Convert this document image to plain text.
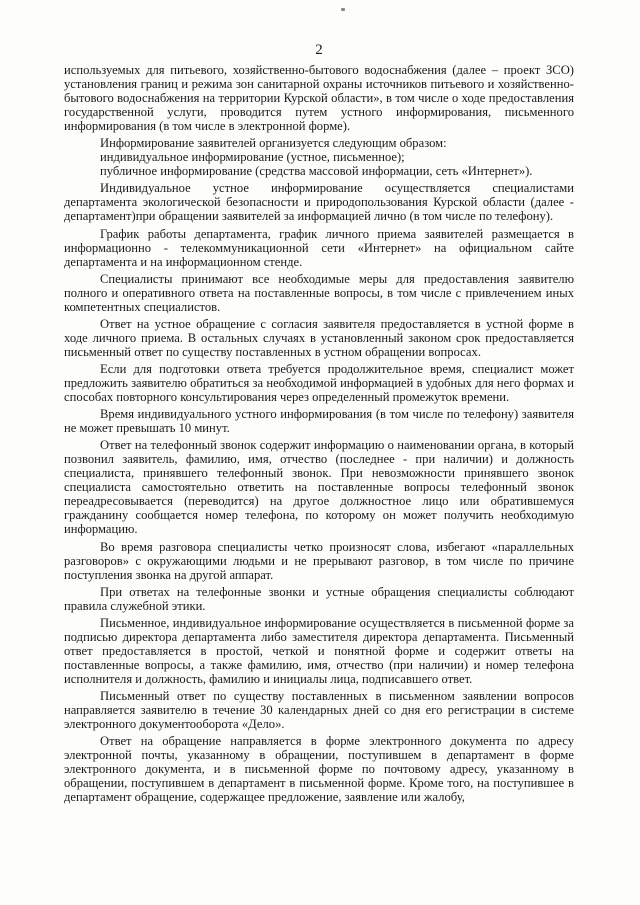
2

используемых для питьевого, хозяйственно-бытового водоснабжения (далее – проект ЗСО) установления границ и режима зон санитарной охраны источников питьевого и хозяйственно-бытового водоснабжения на территории Курской области», в том числе о ходе предоставления государственной услуги, проводится путем устного информирования, письменного информирования (в том числе в электронной форме).

Информирование заявителей организуется следующим образом:

индивидуальное информирование (устное, письменное);

публичное информирование (средства массовой информации, сеть «Интернет»).

Индивидуальное устное информирование осуществляется специалистами департамента экологической безопасности и природопользования Курской области (далее - департамент)при обращении заявителей за информацией лично (в том числе по телефону).

График работы департамента, график личного приема заявителей размещается в информационно - телекоммуникационной сети «Интернет» на официальном сайте департамента и на информационном стенде.

Специалисты принимают все необходимые меры для предоставления заявителю полного и оперативного ответа на поставленные вопросы, в том числе с привлечением иных компетентных специалистов.

Ответ на устное обращение с согласия заявителя предоставляется в устной форме в ходе личного приема. В остальных случаях в установленный законом срок предоставляется письменный ответ по существу поставленных в устном обращении вопросах.

Если для подготовки ответа требуется продолжительное время, специалист может предложить заявителю обратиться за необходимой информацией в удобных для него формах и способах повторного консультирования через определенный промежуток времени.

Время индивидуального устного информирования (в том числе по телефону) заявителя не может превышать 10 минут.

Ответ на телефонный звонок содержит информацию о наименовании органа, в который позвонил заявитель, фамилию, имя, отчество (последнее - при наличии) и должность специалиста, принявшего телефонный звонок. При невозможности принявшего звонок специалиста самостоятельно ответить на поставленные вопросы телефонный звонок переадресовывается (переводится) на другое должностное лицо или обратившемуся гражданину сообщается номер телефона, по которому он может получить необходимую информацию.

Во время разговора специалисты четко произносят слова, избегают «параллельных разговоров» с окружающими людьми и не прерывают разговор, в том числе по причине поступления звонка на другой аппарат.

При ответах на телефонные звонки и устные обращения специалисты соблюдают правила служебной этики.

Письменное, индивидуальное информирование осуществляется в письменной форме за подписью директора департамента либо заместителя директора департамента. Письменный ответ предоставляется в простой, четкой и понятной форме и содержит ответы на поставленные вопросы, а также фамилию, имя, отчество (при наличии) и номер телефона исполнителя и должность, фамилию и инициалы лица, подписавшего ответ.

Письменный ответ по существу поставленных в письменном заявлении вопросов направляется заявителю в течение 30 календарных дней со дня его регистрации в системе электронного документооборота «Дело».

Ответ на обращение направляется в форме электронного документа по адресу электронной почты, указанному в обращении, поступившем в департамент в форме электронного документа, и в письменной форме по почтовому адресу, указанному в обращении, поступившем в департамент в письменной форме. Кроме того, на поступившее в департамент обращение, содержащее предложение, заявление или жалобу,
